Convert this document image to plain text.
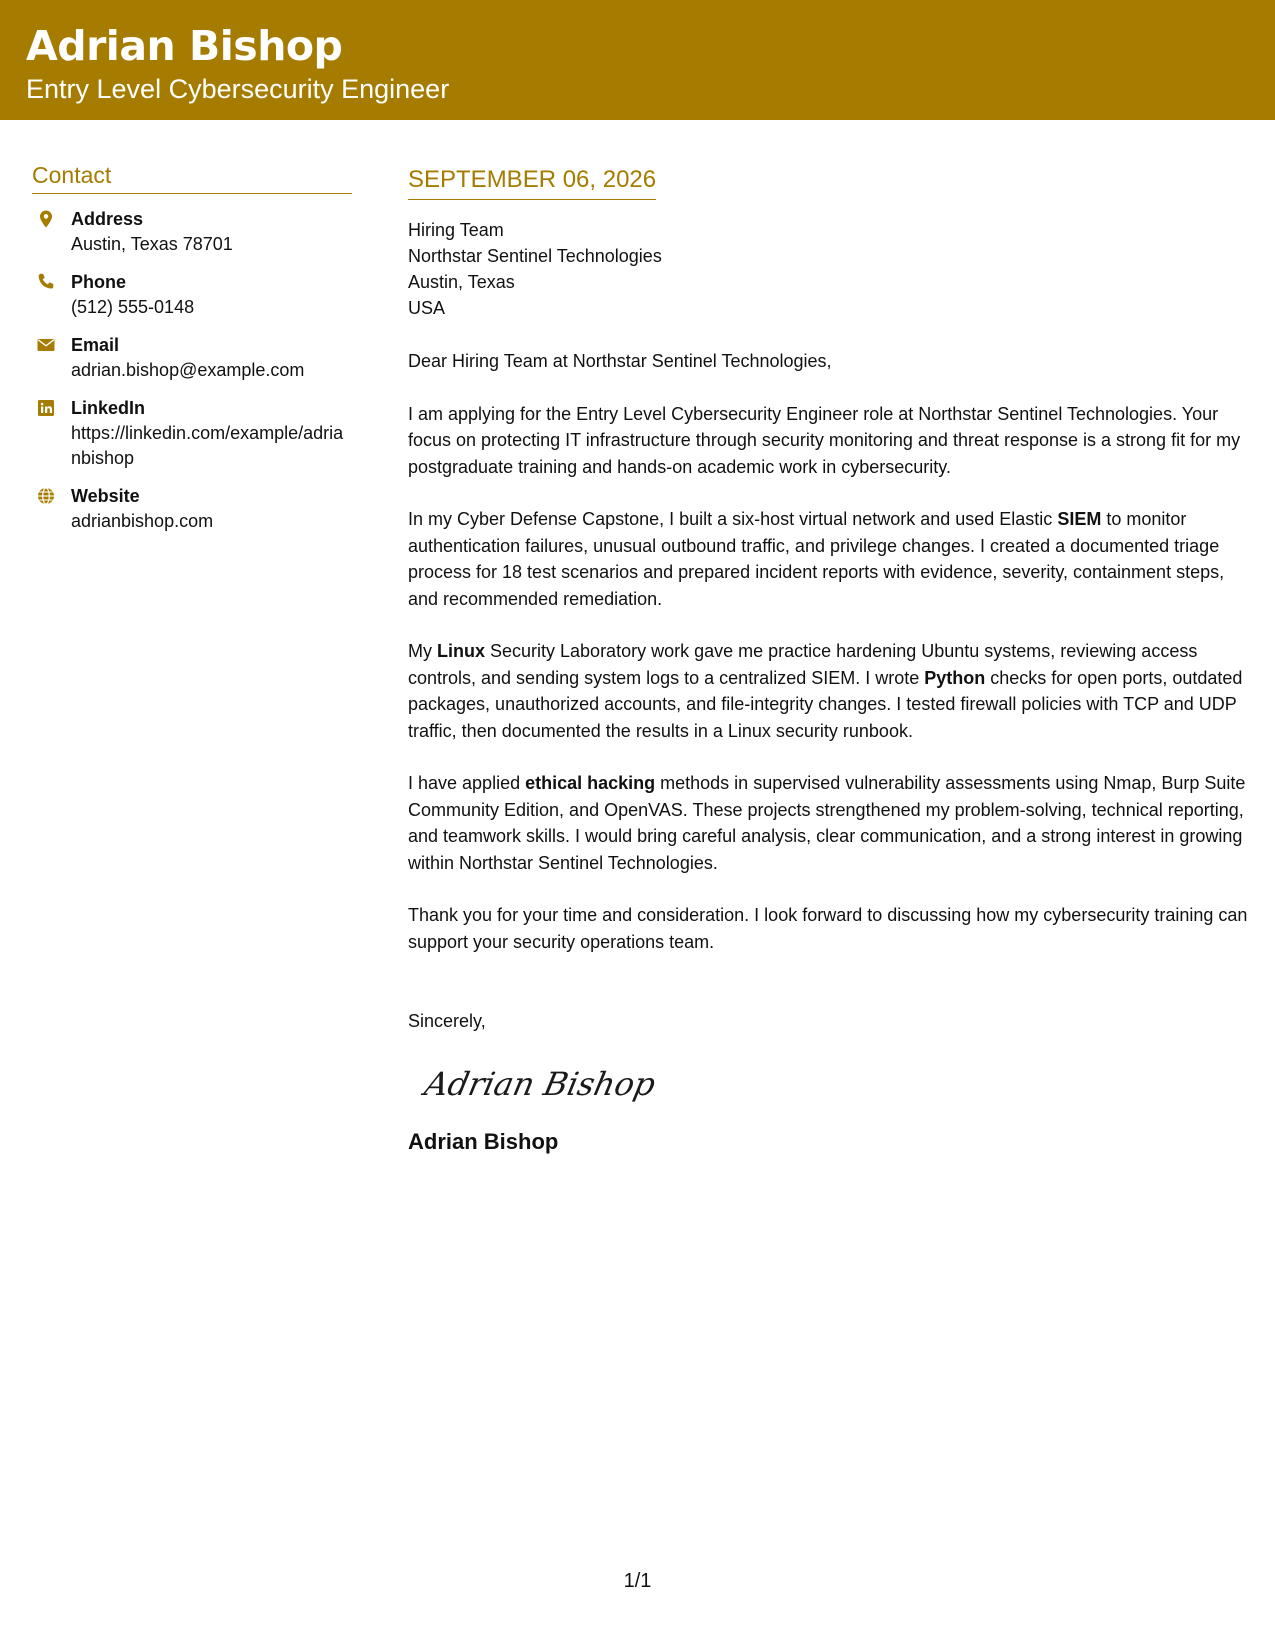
Adrian Bishop
Entry Level Cybersecurity Engineer
Contact
Address
Austin, Texas 78701
Phone
(512) 555-0148
Email
adrian.bishop@example.com
LinkedIn
https://linkedin.com/example/adrianbishop
Website
adrianbishop.com
SEPTEMBER 06, 2026
Hiring Team
Northstar Sentinel Technologies
Austin, Texas
USA
Dear Hiring Team at Northstar Sentinel Technologies,
I am applying for the Entry Level Cybersecurity Engineer role at Northstar Sentinel Technologies. Your focus on protecting IT infrastructure through security monitoring and threat response is a strong fit for my postgraduate training and hands-on academic work in cybersecurity.
In my Cyber Defense Capstone, I built a six-host virtual network and used Elastic SIEM to monitor authentication failures, unusual outbound traffic, and privilege changes. I created a documented triage process for 18 test scenarios and prepared incident reports with evidence, severity, containment steps, and recommended remediation.
My Linux Security Laboratory work gave me practice hardening Ubuntu systems, reviewing access controls, and sending system logs to a centralized SIEM. I wrote Python checks for open ports, outdated packages, unauthorized accounts, and file-integrity changes. I tested firewall policies with TCP and UDP traffic, then documented the results in a Linux security runbook.
I have applied ethical hacking methods in supervised vulnerability assessments using Nmap, Burp Suite Community Edition, and OpenVAS. These projects strengthened my problem-solving, technical reporting, and teamwork skills. I would bring careful analysis, clear communication, and a strong interest in growing within Northstar Sentinel Technologies.
Thank you for your time and consideration. I look forward to discussing how my cybersecurity training can support your security operations team.
Sincerely,
Adrian Bishop
Adrian Bishop
1/1
